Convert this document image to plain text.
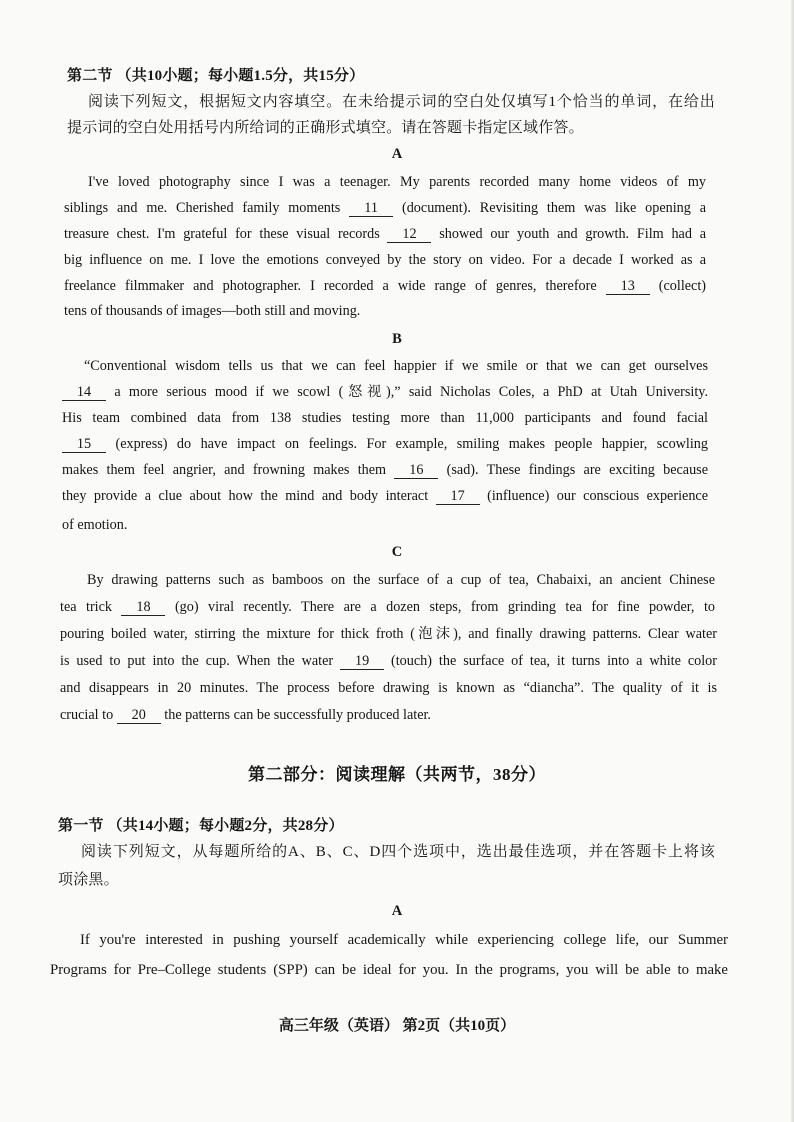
第二节 （共10小题；每小题1.5分，共15分）
阅读下列短文，根据短文内容填空。在未给提示词的空白处仅填写1个恰当的单词，在给出
提示词的空白处用括号内所给词的正确形式填空。请在答题卡指定区域作答。
A
I've loved photography since I was a teenager. My parents recorded many home videos of my
siblings and me. Cherished family moments 11 (document). Revisiting them was like opening a
treasure chest. I'm grateful for these visual records 12 showed our youth and growth. Film had a
big influence on me. I love the emotions conveyed by the story on video. For a decade I worked as a
freelance filmmaker and photographer. I recorded a wide range of genres, therefore 13 (collect)
tens of thousands of images—both still and moving.
B
“Conventional wisdom tells us that we can feel happier if we smile or that we can get ourselves
14 a more serious mood if we scowl (怒视),” said Nicholas Coles, a PhD at Utah University.
His team combined data from 138 studies testing more than 11,000 participants and found facial
15 (express) do have impact on feelings. For example, smiling makes people happier, scowling
makes them feel angrier, and frowning makes them 16 (sad). These findings are exciting because
they provide a clue about how the mind and body interact 17 (influence) our conscious experience
of emotion.
C
By drawing patterns such as bamboos on the surface of a cup of tea, Chabaixi, an ancient Chinese
tea trick 18 (go) viral recently. There are a dozen steps, from grinding tea for fine powder, to
pouring boiled water, stirring the mixture for thick froth (泡沫), and finally drawing patterns. Clear water
is used to put into the cup. When the water 19 (touch) the surface of tea, it turns into a white color
and disappears in 20 minutes. The process before drawing is known as “diancha”. The quality of it is
crucial to 20 the patterns can be successfully produced later.
第二部分：阅读理解（共两节，38分）
第一节 （共14小题；每小题2分，共28分）
阅读下列短文，从每题所给的A、B、C、D四个选项中，选出最佳选项，并在答题卡上将该
项涂黑。
A
If you're interested in pushing yourself academically while experiencing college life, our Summer
Programs for Pre–College students (SPP) can be ideal for you. In the programs, you will be able to make
高三年级（英语） 第2页（共10页）
